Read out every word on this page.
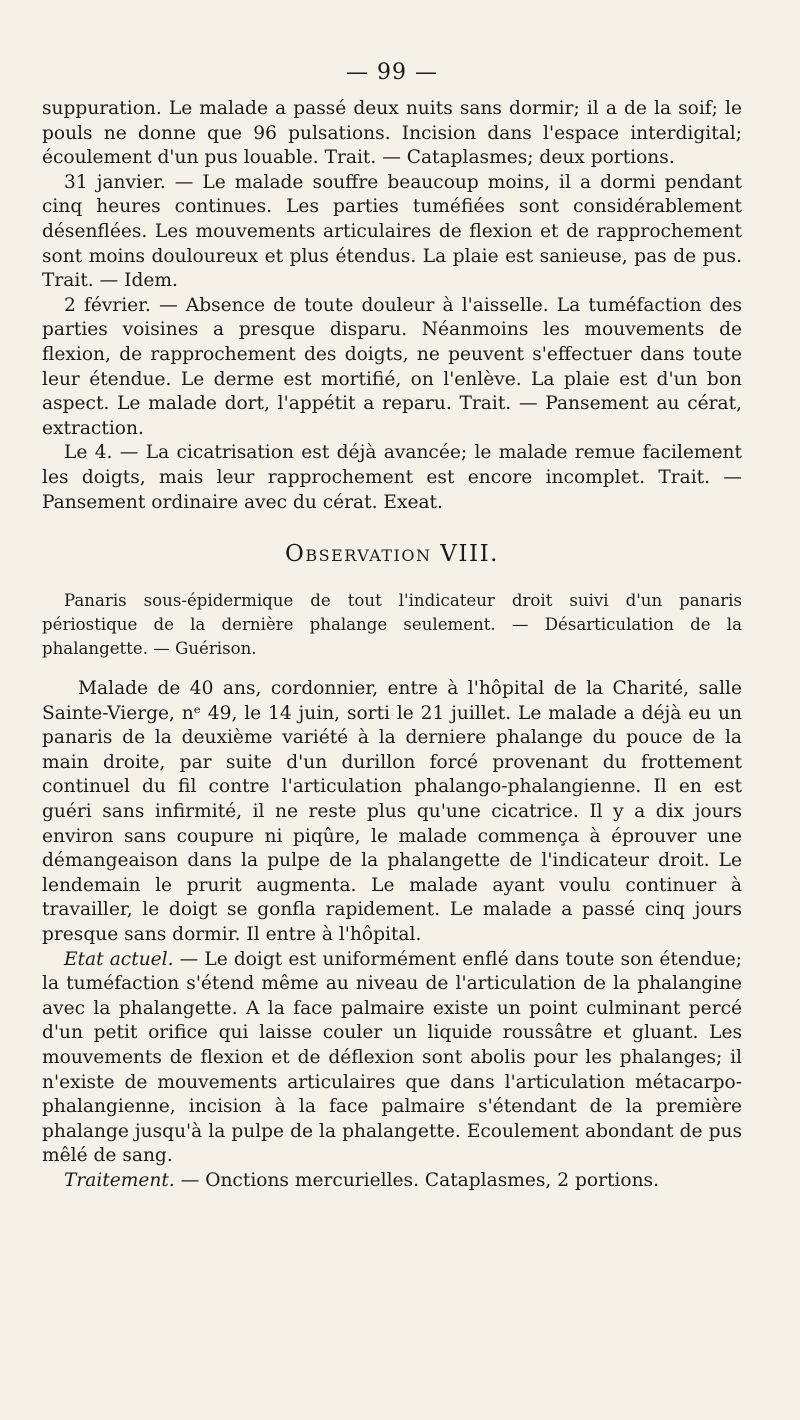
— 99 —

suppuration. Le malade a passé deux nuits sans dormir; il a de la soif; le pouls ne donne que 96 pulsations. Incision dans l'espace interdigital; écoulement d'un pus louable. Trait. — Cataplasmes; deux portions.

31 janvier. — Le malade souffre beaucoup moins, il a dormi pendant cinq heures continues. Les parties tuméfiées sont considérablement désenflées. Les mouvements articulaires de flexion et de rapprochement sont moins douloureux et plus étendus. La plaie est sanieuse, pas de pus. Trait. — Idem.

2 février. — Absence de toute douleur à l'aisselle. La tuméfaction des parties voisines a presque disparu. Néanmoins les mouvements de flexion, de rapprochement des doigts, ne peuvent s'effectuer dans toute leur étendue. Le derme est mortifié, on l'enlève. La plaie est d'un bon aspect. Le malade dort, l'appétit a reparu. Trait. — Pansement au cérat, extraction.

Le 4. — La cicatrisation est déjà avancée; le malade remue facilement les doigts, mais leur rapprochement est encore incomplet. Trait. — Pansement ordinaire avec du cérat. Exeat.

Observation VIII.

Panaris sous-épidermique de tout l'indicateur droit suivi d'un panaris périostique de la dernière phalange seulement. — Désarticulation de la phalangette. — Guérison.

Malade de 40 ans, cordonnier, entre à l'hôpital de la Charité, salle Sainte-Vierge, nᵉ 49, le 14 juin, sorti le 21 juillet. Le malade a déjà eu un panaris de la deuxième variété à la derniere phalange du pouce de la main droite, par suite d'un durillon forcé provenant du frottement continuel du fil contre l'articulation phalango-phalangienne. Il en est guéri sans infirmité, il ne reste plus qu'une cicatrice. Il y a dix jours environ sans coupure ni piqûre, le malade commença à éprouver une démangeaison dans la pulpe de la phalangette de l'indicateur droit. Le lendemain le prurit augmenta. Le malade ayant voulu continuer à travailler, le doigt se gonfla rapidement. Le malade a passé cinq jours presque sans dormir. Il entre à l'hôpital.

Etat actuel. — Le doigt est uniformément enflé dans toute son étendue; la tuméfaction s'étend même au niveau de l'articulation de la phalangine avec la phalangette. A la face palmaire existe un point culminant percé d'un petit orifice qui laisse couler un liquide roussâtre et gluant. Les mouvements de flexion et de déflexion sont abolis pour les phalanges; il n'existe de mouvements articulaires que dans l'articulation métacarpo-phalangienne, incision à la face palmaire s'étendant de la première phalange jusqu'à la pulpe de la phalangette. Ecoulement abondant de pus mêlé de sang.

Traitement. — Onctions mercurielles. Cataplasmes, 2 portions.
